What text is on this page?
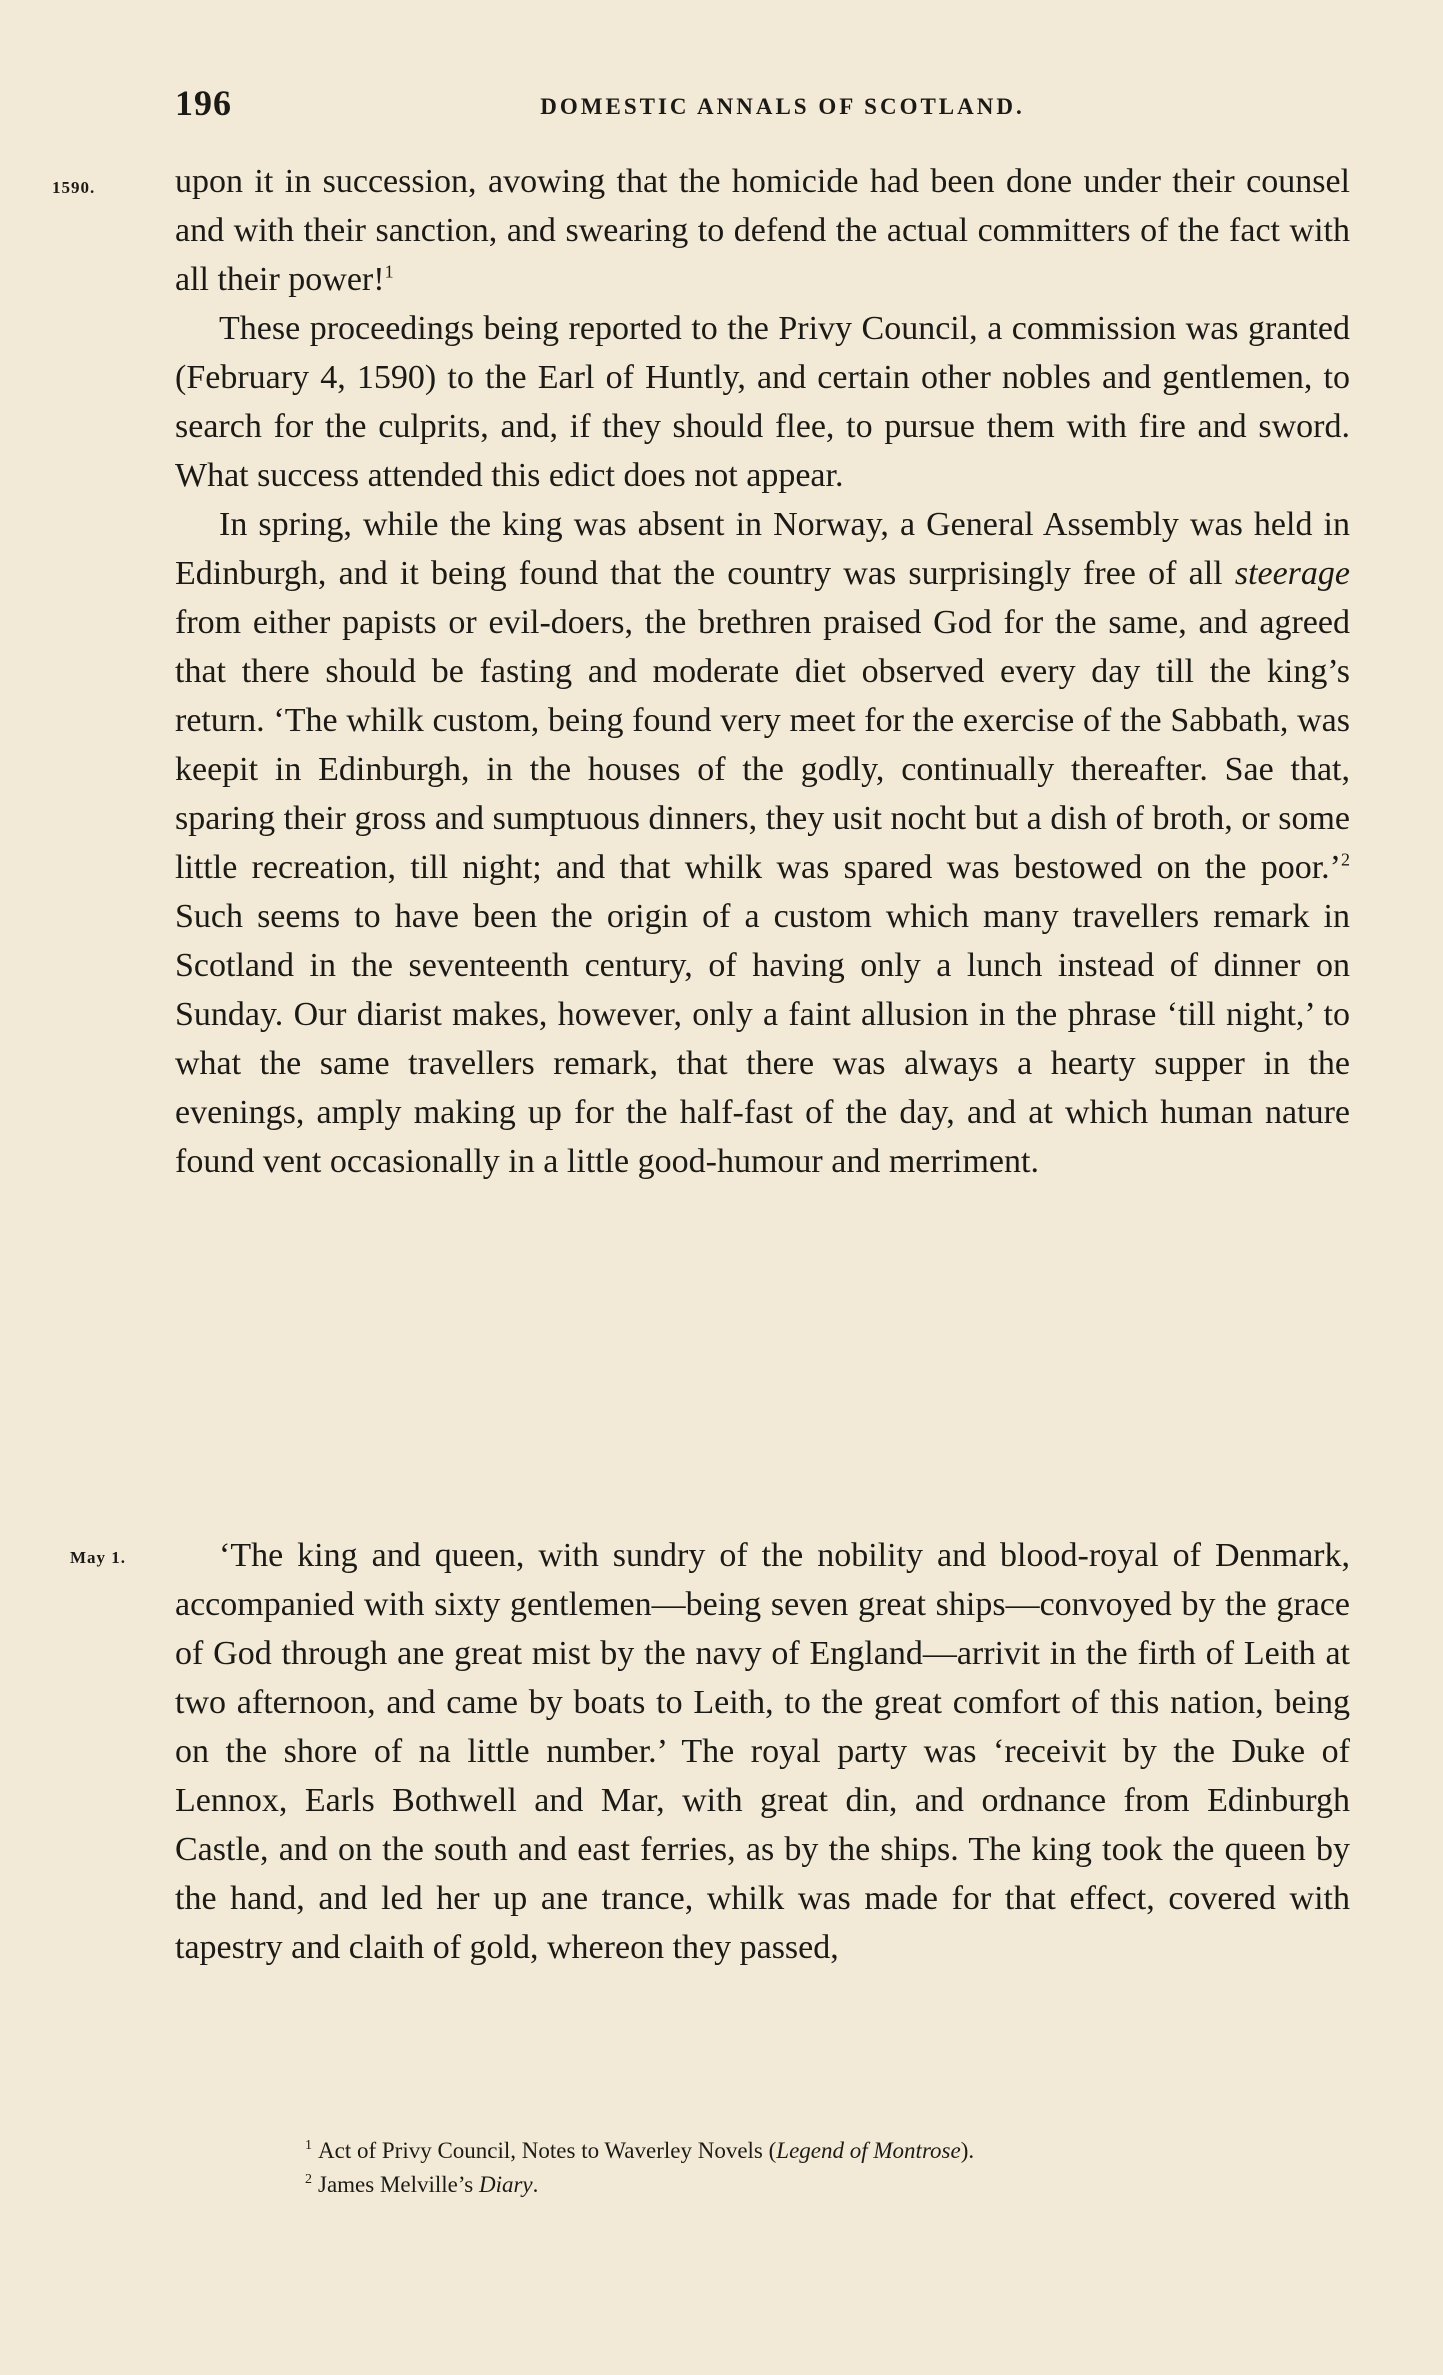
196	DOMESTIC ANNALS OF SCOTLAND.
1590.
May 1.

upon it in succession, avowing that the homicide had been done under their counsel and with their sanction, and swearing to defend the actual committers of the fact with all their power!$^1$

These proceedings being reported to the Privy Council, a commission was granted (February 4, 1590) to the Earl of Huntly, and certain other nobles and gentlemen, to search for the culprits, and, if they should flee, to pursue them with fire and sword. What success attended this edict does not appear.

In spring, while the king was absent in Norway, a General Assembly was held in Edinburgh, and it being found that the country was surprisingly free of all steerage from either papists or evil-doers, the brethren praised God for the same, and agreed that there should be fasting and moderate diet observed every day till the king’s return. ‘The whilk custom, being found very meet for the exercise of the Sabbath, was keepit in Edinburgh, in the houses of the godly, continually thereafter. Sae that, sparing their gross and sumptuous dinners, they usit nocht but a dish of broth, or some little recreation, till night; and that whilk was spared was bestowed on the poor.’$^2$ Such seems to have been the origin of a custom which many travellers remark in Scotland in the seventeenth century, of having only a lunch instead of dinner on Sunday. Our diarist makes, however, only a faint allusion in the phrase ‘till night,’ to what the same travellers remark, that there was always a hearty supper in the evenings, amply making up for the half-fast of the day, and at which human nature found vent occasionally in a little good-humour and merriment.

‘The king and queen, with sundry of the nobility and blood-royal of Denmark, accompanied with sixty gentlemen—being seven great ships—convoyed by the grace of God through ane great mist by the navy of England—arrivit in the firth of Leith at two afternoon, and came by boats to Leith, to the great comfort of this nation, being on the shore of na little number.’ The royal party was ‘receivit by the Duke of Lennox, Earls Bothwell and Mar, with great din, and ordnance from Edinburgh Castle, and on the south and east ferries, as by the ships. The king took the queen by the hand, and led her up ane trance, whilk was made for that effect, covered with tapestry and claith of gold, whereon they passed,

$^1$ Act of Privy Council, Notes to Waverley Novels (Legend of Montrose).

$^2$ James Melville’s Diary.
